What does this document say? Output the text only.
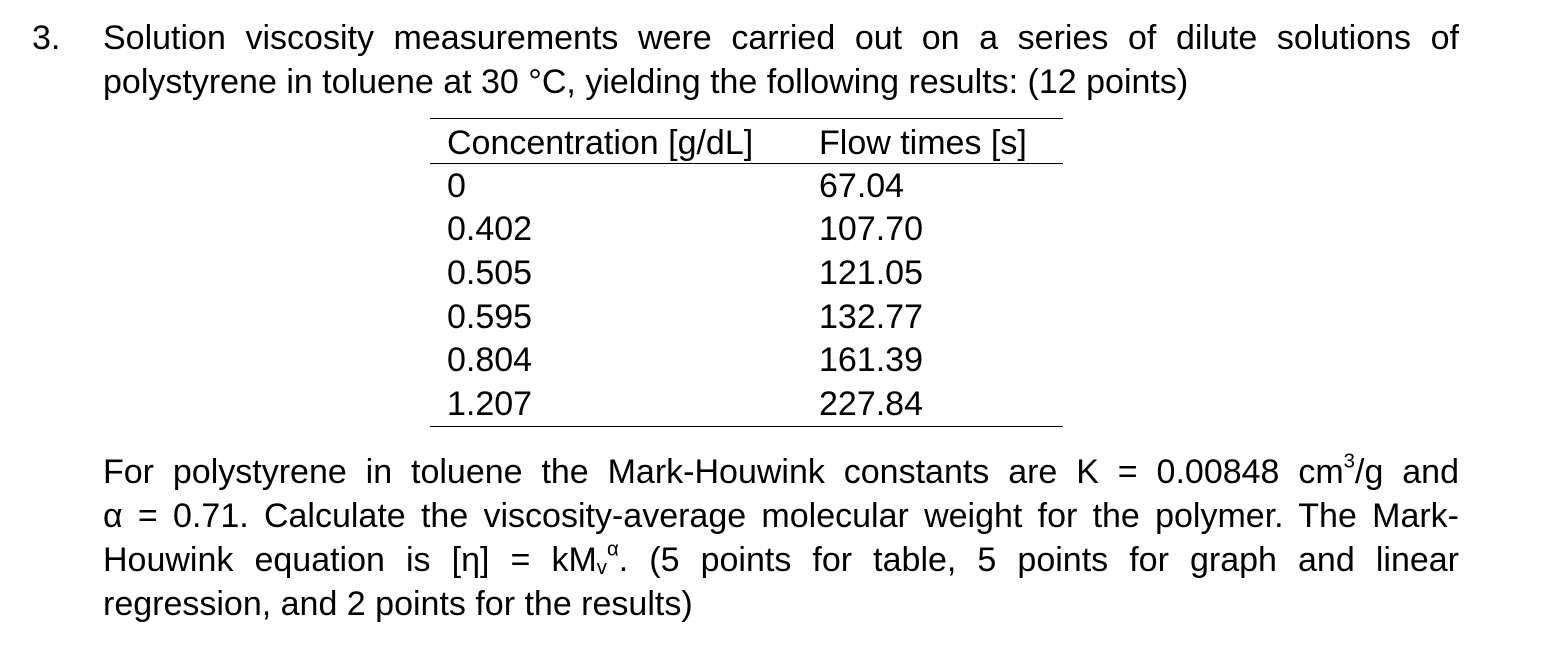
3. Solution viscosity measurements were carried out on a series of dilute solutions of
polystyrene in toluene at 30 °C, yielding the following results: (12 points)
Concentration [g/dL]	Flow times [s]
0	67.04
0.402	107.70
0.505	121.05
0.595	132.77
0.804	161.39
1.207	227.84
For polystyrene in toluene the Mark-Houwink constants are K = 0.00848 $cm^3/g$ and
α = 0.71. Calculate the viscosity-average molecular weight for the polymer. The Mark-
Houwink equation is $[\eta] = kM_v^\alpha$. (5 points for table, 5 points for graph and linear
regression, and 2 points for the results)
